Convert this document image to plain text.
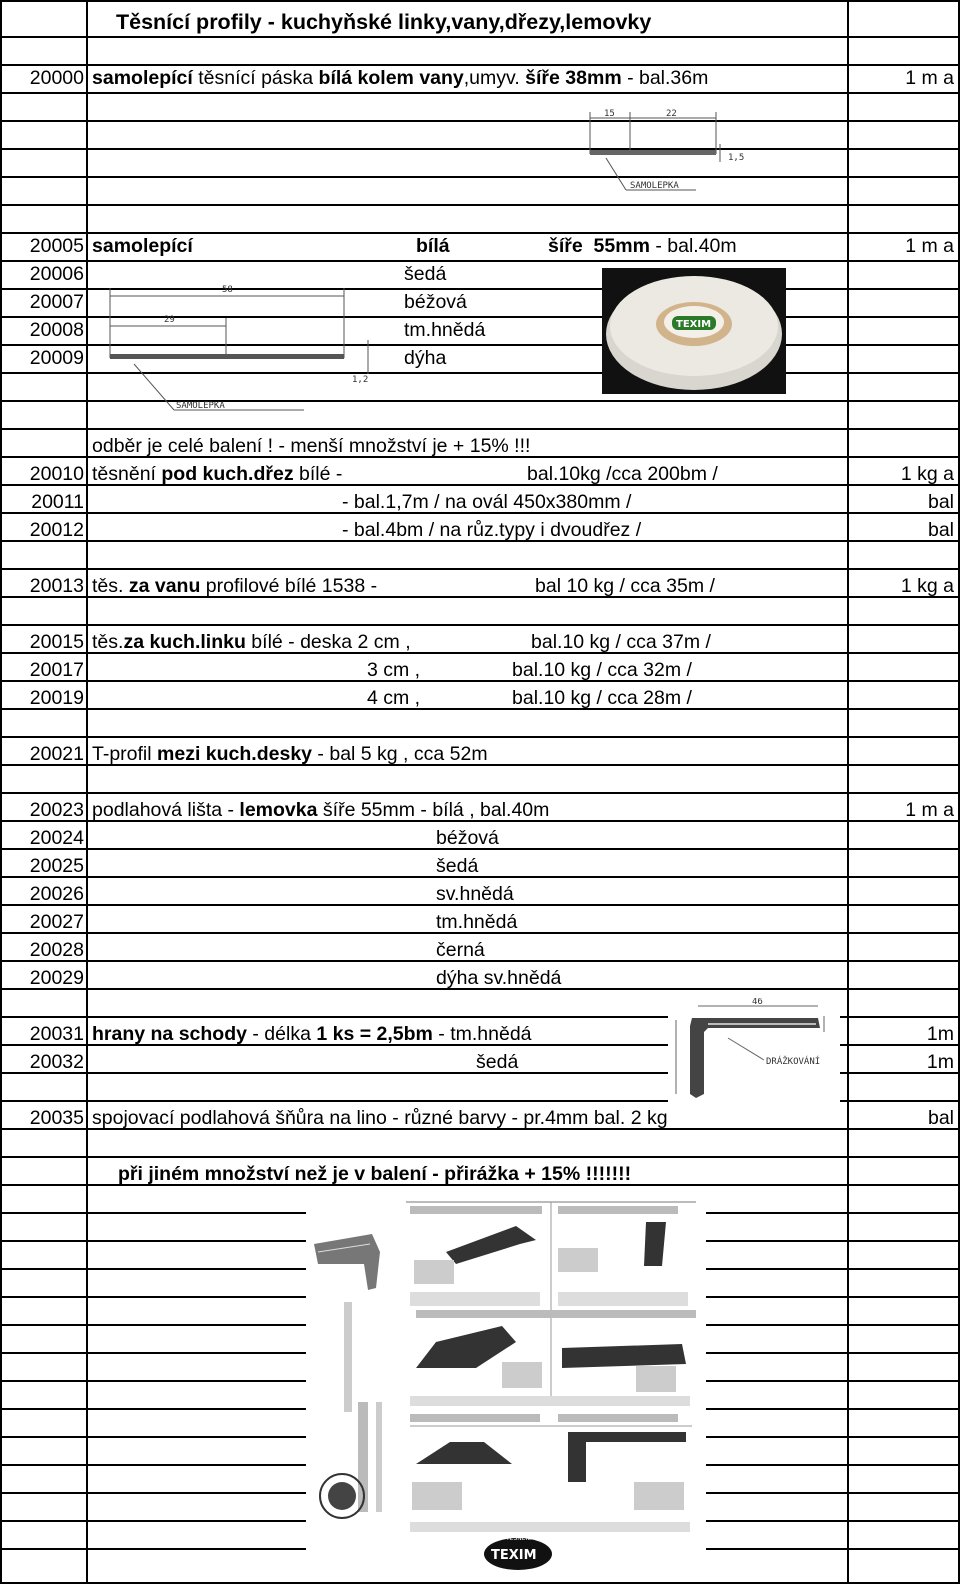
Těsnící profily - kuchyňské linky,vany,dřezy,lemovky
20000 samolepící těsnící páska bílá kolem vany,umyv. šíře 38mm - bal.36m	1 m a
15	22
1,5
SAMOLEPKA
20005 samolepící	bílá	šíře 55mm - bal.40m	1 m a
20006	šedá
20007	béžová
20008	tm.hnědá
20009	dýha
58
29
1,2
SAMOLEPKA
TEXIM
odběr je celé balení ! - menší množství je + 15% !!!
20010 těsnění pod kuch.dřez bílé -	bal.10kg /cca 200bm /	1 kg a
20011	- bal.1,7m / na ovál 450x380mm /	bal
20012	- bal.4bm / na růz.typy i dvoudřez /	bal
20013 těs. za vanu profilové bílé 1538 -	bal 10 kg / cca 35m /	1 kg a
20015 těs.za kuch.linku bílé - deska 2 cm ,	bal.10 kg / cca 37m /
20017	3 cm ,	bal.10 kg / cca 32m /
20019	4 cm ,	bal.10 kg / cca 28m /
20021 T-profil mezi kuch.desky - bal 5 kg , cca 52m
20023 podlahová lišta - lemovka šíře 55mm - bílá , bal.40m	1 m a
20024	béžová
20025	šedá
20026	sv.hnědá
20027	tm.hnědá
20028	černá
20029	dýha sv.hnědá
20031 hrany na schody - délka 1 ks = 2,5bm - tm.hnědá	1m
20032	šedá	1m
46
DRÁŽKOVÁNÍ
20035 spojovací podlahová šňůra na lino - různé barvy - pr.4mm bal. 2 kg	bal
při jiném množství než je v balení - přirážka + 15% !!!!!!!
TEXIM
TĚSNĚNÍ
